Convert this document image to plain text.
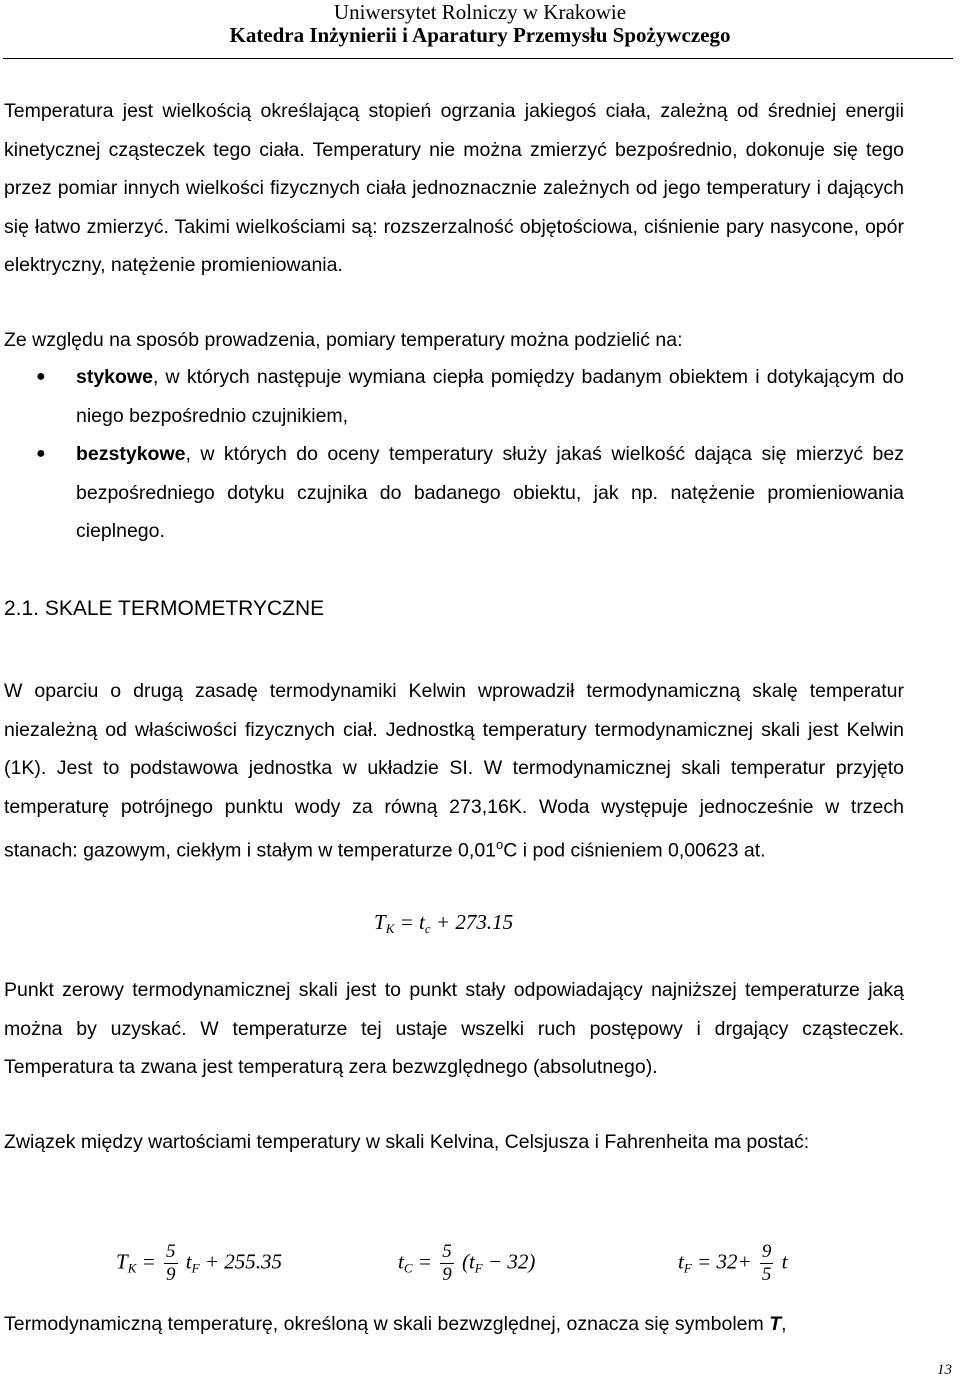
Uniwersytet Rolniczy w Krakowie
Katedra Inżynierii i Aparatury Przemysłu Spożywczego
Temperatura jest wielkością określającą stopień ogrzania jakiegoś ciała, zależną od średniej energii kinetycznej cząsteczek tego ciała. Temperatury nie można zmierzyć bezpośrednio, dokonuje się tego przez pomiar innych wielkości fizycznych ciała jednoznacznie zależnych od jego temperatury i dających się łatwo zmierzyć. Takimi wielkościami są: rozszerzalność objętościowa, ciśnienie pary nasycone, opór elektryczny, natężenie promieniowania.
Ze względu na sposób prowadzenia, pomiary temperatury można podzielić na:
● stykowe, w których następuje wymiana ciepła pomiędzy badanym obiektem i dotykającym do niego bezpośrednio czujnikiem,
● bezstykowe, w których do oceny temperatury służy jakaś wielkość dająca się mierzyć bez bezpośredniego dotyku czujnika do badanego obiektu, jak np. natężenie promieniowania cieplnego.
2.1. SKALE TERMOMETRYCZNE
W oparciu o drugą zasadę termodynamiki Kelwin wprowadził termodynamiczną skalę temperatur niezależną od właściwości fizycznych ciał. Jednostką temperatury termodynamicznej skali jest Kelwin (1K). Jest to podstawowa jednostka w układzie SI. W termodynamicznej skali temperatur przyjęto temperaturę potrójnego punktu wody za równą 273,16K. Woda występuje jednocześnie w trzech stanach: gazowym, ciekłym i stałym w temperaturze 0,01$^o$C i pod ciśnieniem 0,00623 at.
$T_K = t_c + 273.15$
Punkt zerowy termodynamicznej skali jest to punkt stały odpowiadający najniższej temperaturze jaką można by uzyskać. W temperaturze tej ustaje wszelki ruch postępowy i drgający cząsteczek. Temperatura ta zwana jest temperaturą zera bezwzględnego (absolutnego).
Związek między wartościami temperatury w skali Kelvina, Celsjusza i Fahrenheita ma postać:
$T_K = \frac{5}{9} t_F + 255.35$	$t_C = \frac{5}{9} (t_F - 32)$	$t_F = 32+ \frac{9}{5}$ t
Termodynamiczną temperaturę, określoną w skali bezwzględnej, oznacza się symbolem T,
13
